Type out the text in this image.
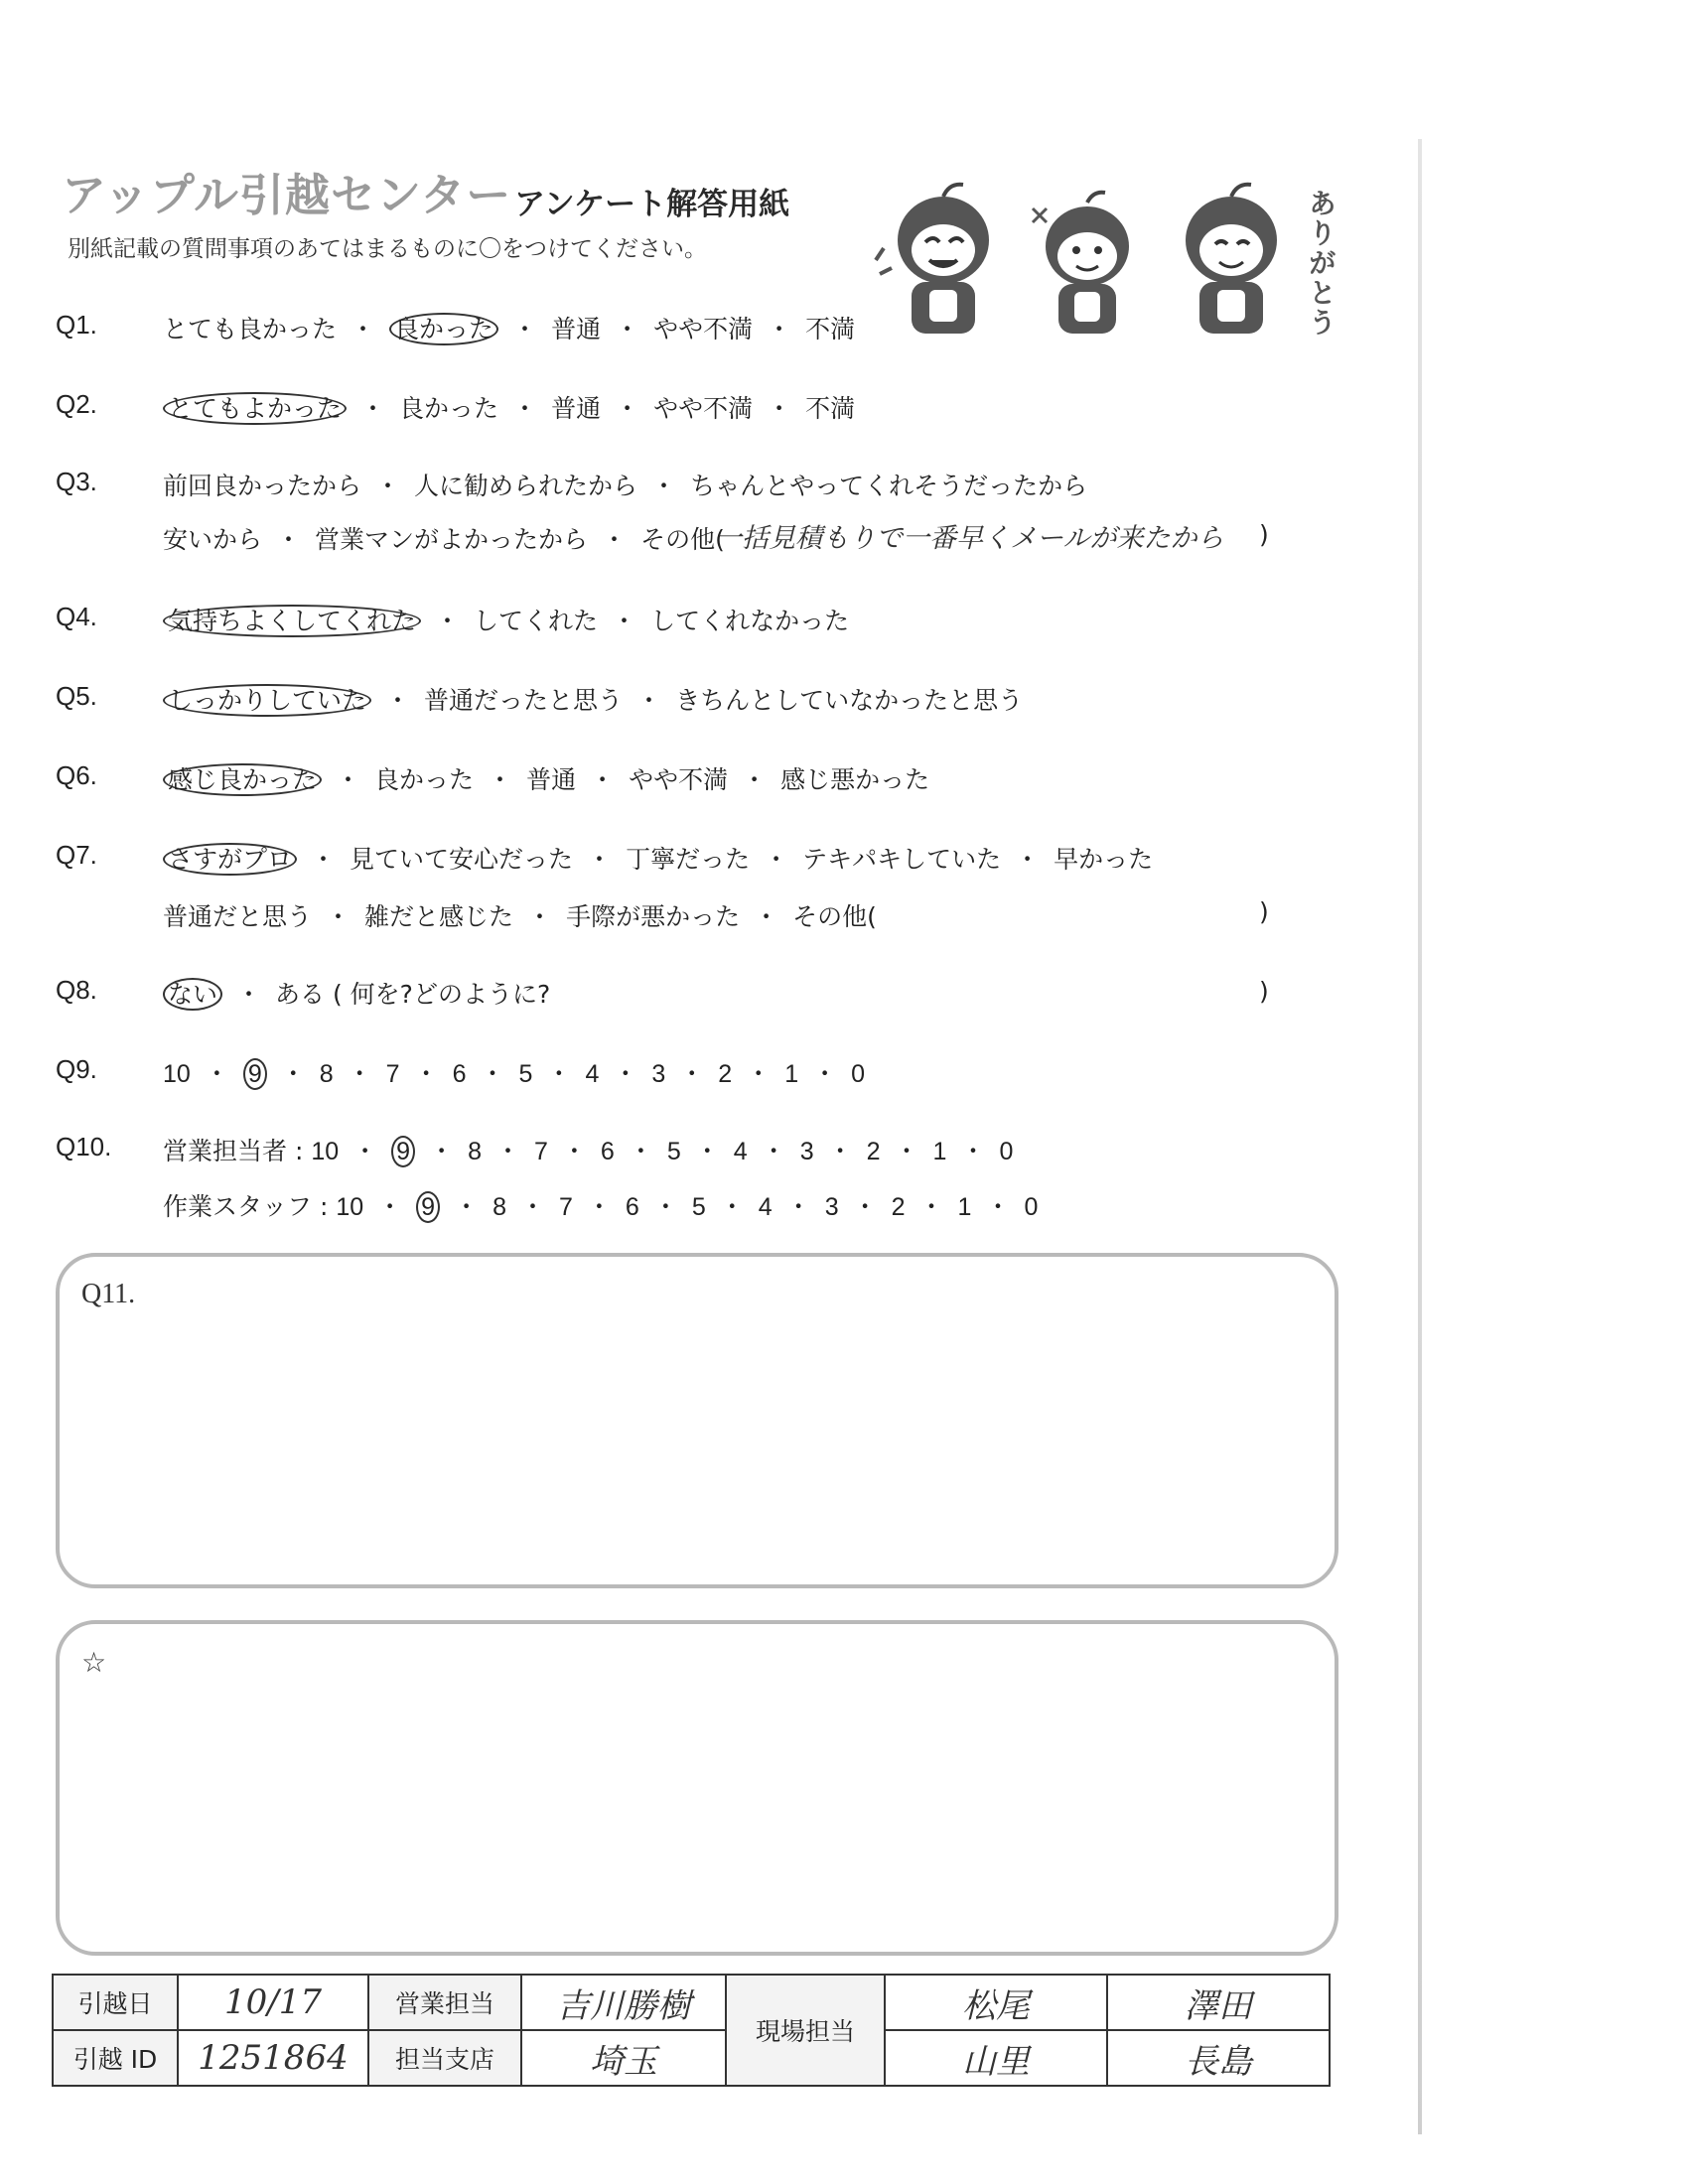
アップル引越センター アンケート解答用紙
別紙記載の質問事項のあてはまるものに〇をつけてください。	ありがとう
Q1.	とても良かった ・ 良かった ・ 普通 ・ やや不満 ・ 不満
Q2.	とてもよかった ・ 良かった ・ 普通 ・ やや不満 ・ 不満
Q3.	前回良かったから ・ 人に勧められたから ・ ちゃんとやってくれそうだったから
安いから ・ 営業マンがよかったから ・ その他(
Q4.	気持ちよくしてくれた ・ してくれた ・ してくれなかった
Q5.	しっかりしていた ・ 普通だったと思う ・ きちんとしていなかったと思う
Q6.	感じ良かった ・ 良かった ・ 普通 ・ やや不満 ・ 感じ悪かった
Q7.	さすがプロ ・ 見ていて安心だった ・ 丁寧だった ・ テキパキしていた ・ 早かった
普通だと思う ・ 雑だと感じた ・ 手際が悪かった ・ その他(
Q8.	ない ・ ある ( 何を?どのように?
Q9.	10 ・ 9 ・ 8 ・ 7 ・ 6 ・ 5 ・ 4 ・ 3 ・ 2 ・ 1 ・ 0
Q10. 営業担当者 : 10 ・ 9 ・ 8 ・ 7 ・ 6 ・ 5 ・ 4 ・ 3 ・ 2 ・ 1 ・ 0
作業スタッフ : 10 ・ 9 ・ 8 ・ 7 ・ 6 ・ 5 ・ 4 ・ 3 ・ 2 ・ 1 ・ 0
一括見積もりで一番早くメールが来たから )
)
)
Q11.
☆
引越日	10/17	営業担当	吉川勝樹	現場担当	松尾	澤田
引越 ID	1251864	担当支店	埼玉		山里	長島
